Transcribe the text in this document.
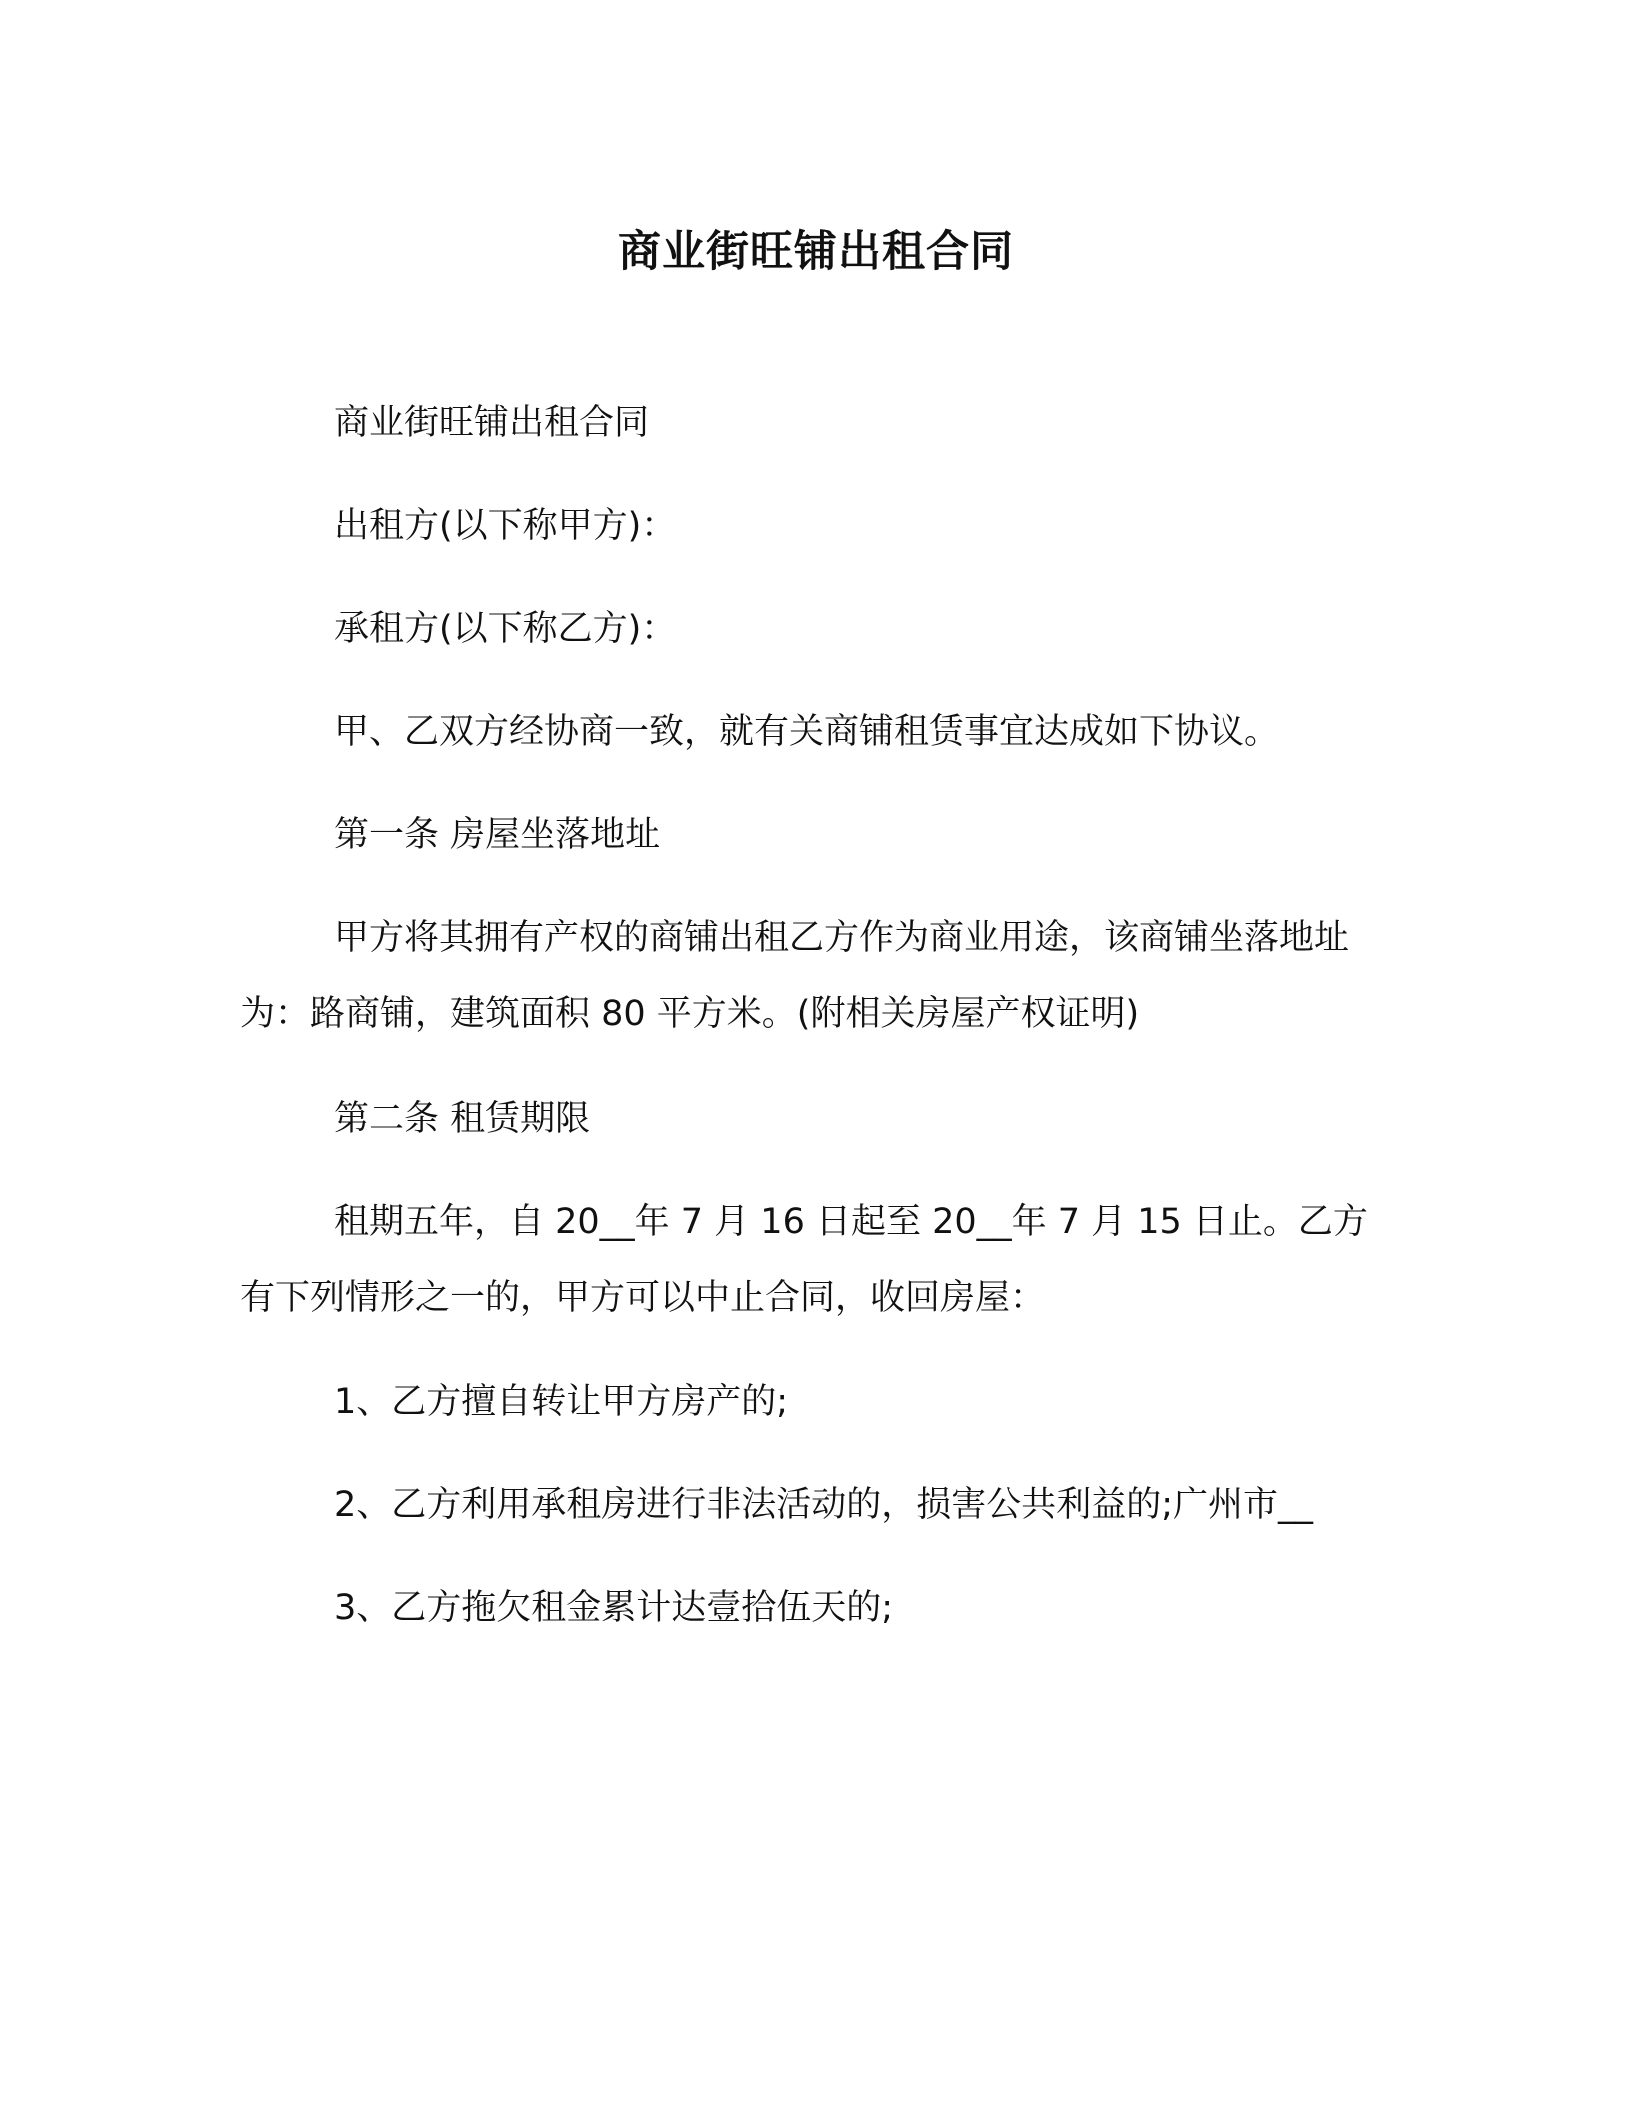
商业街旺铺出租合同

商业街旺铺出租合同

出租方(以下称甲方)：

承租方(以下称乙方)：

甲、乙双方经协商一致，就有关商铺租赁事宜达成如下协议。

第一条 房屋坐落地址

甲方将其拥有产权的商铺出租乙方作为商业用途，该商铺坐落地址为：路商铺，建筑面积 80 平方米。(附相关房屋产权证明)

第二条 租赁期限

租期五年，自 20__年 7 月 16 日起至 20__年 7 月 15 日止。乙方有下列情形之一的，甲方可以中止合同，收回房屋：

1、乙方擅自转让甲方房产的;

2、乙方利用承租房进行非法活动的，损害公共利益的;广州市__

3、乙方拖欠租金累计达壹拾伍天的;
